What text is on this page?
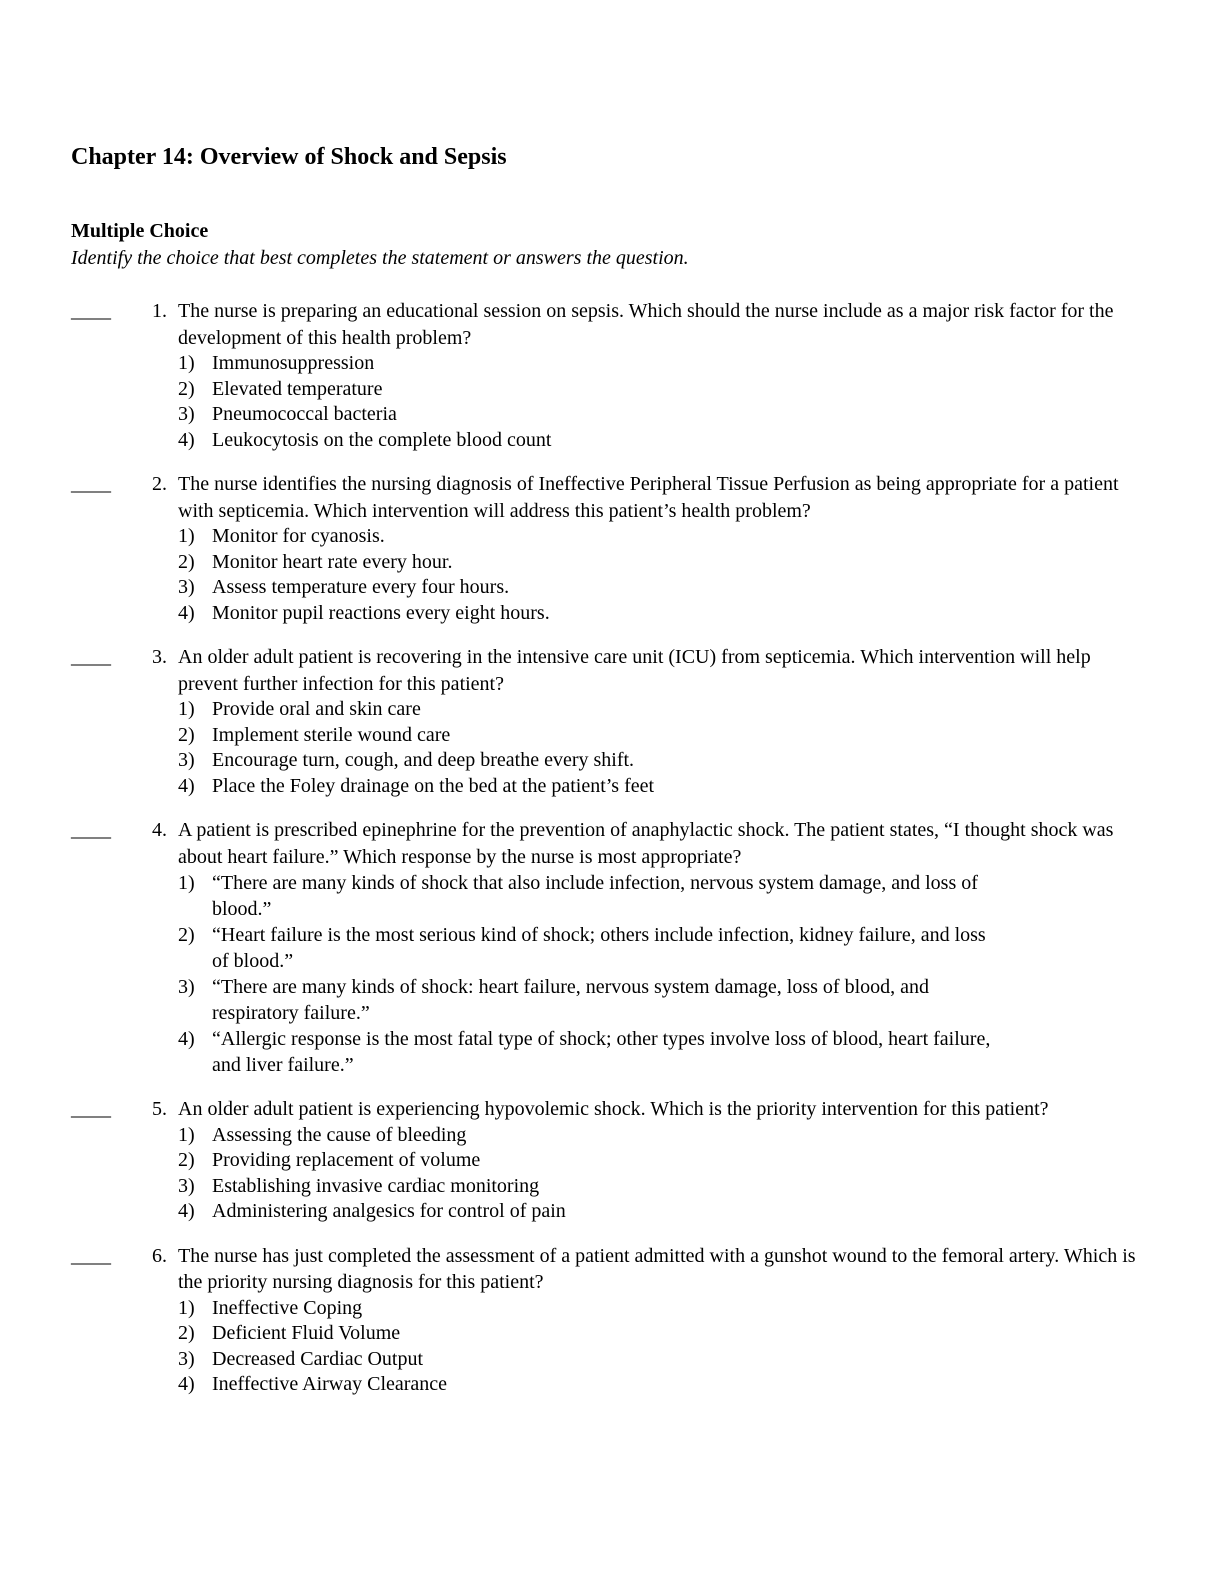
Chapter 14: Overview of Shock and Sepsis
Multiple Choice

Identify the choice that best completes the statement or answers the question.

____	1. The nurse is preparing an educational session on sepsis. Which should the nurse include as a major risk factor for the development of this health problem?

1) Immunosuppression
2) Elevated temperature
3) Pneumococcal bacteria
4) Leukocytosis on the complete blood count
____	2. The nurse identifies the nursing diagnosis of Ineffective Peripheral Tissue Perfusion as being appropriate for a patient with septicemia. Which intervention will address this patient’s health problem?

1) Monitor for cyanosis.
2) Monitor heart rate every hour.
3) Assess temperature every four hours.
4) Monitor pupil reactions every eight hours.
____	3. An older adult patient is recovering in the intensive care unit (ICU) from septicemia. Which intervention will help prevent further infection for this patient?

1) Provide oral and skin care
2) Implement sterile wound care
3) Encourage turn, cough, and deep breathe every shift.
4) Place the Foley drainage on the bed at the patient’s feet
____	4. A patient is prescribed epinephrine for the prevention of anaphylactic shock. The patient states, “I thought shock was about heart failure.” Which response by the nurse is most appropriate?

1) “There are many kinds of shock that also include infection, nervous system damage, and loss of blood.”
2) “Heart failure is the most serious kind of shock; others include infection, kidney failure, and loss of blood.”
3) “There are many kinds of shock: heart failure, nervous system damage, loss of blood, and respiratory failure.”
4) “Allergic response is the most fatal type of shock; other types involve loss of blood, heart failure, and liver failure.”
____	5. An older adult patient is experiencing hypovolemic shock. Which is the priority intervention for this patient?

1) Assessing the cause of bleeding
2) Providing replacement of volume
3) Establishing invasive cardiac monitoring
4) Administering analgesics for control of pain
____	6. The nurse has just completed the assessment of a patient admitted with a gunshot wound to the femoral artery. Which is the priority nursing diagnosis for this patient?

1) Ineffective Coping
2) Deficient Fluid Volume
3) Decreased Cardiac Output
4) Ineffective Airway Clearance
